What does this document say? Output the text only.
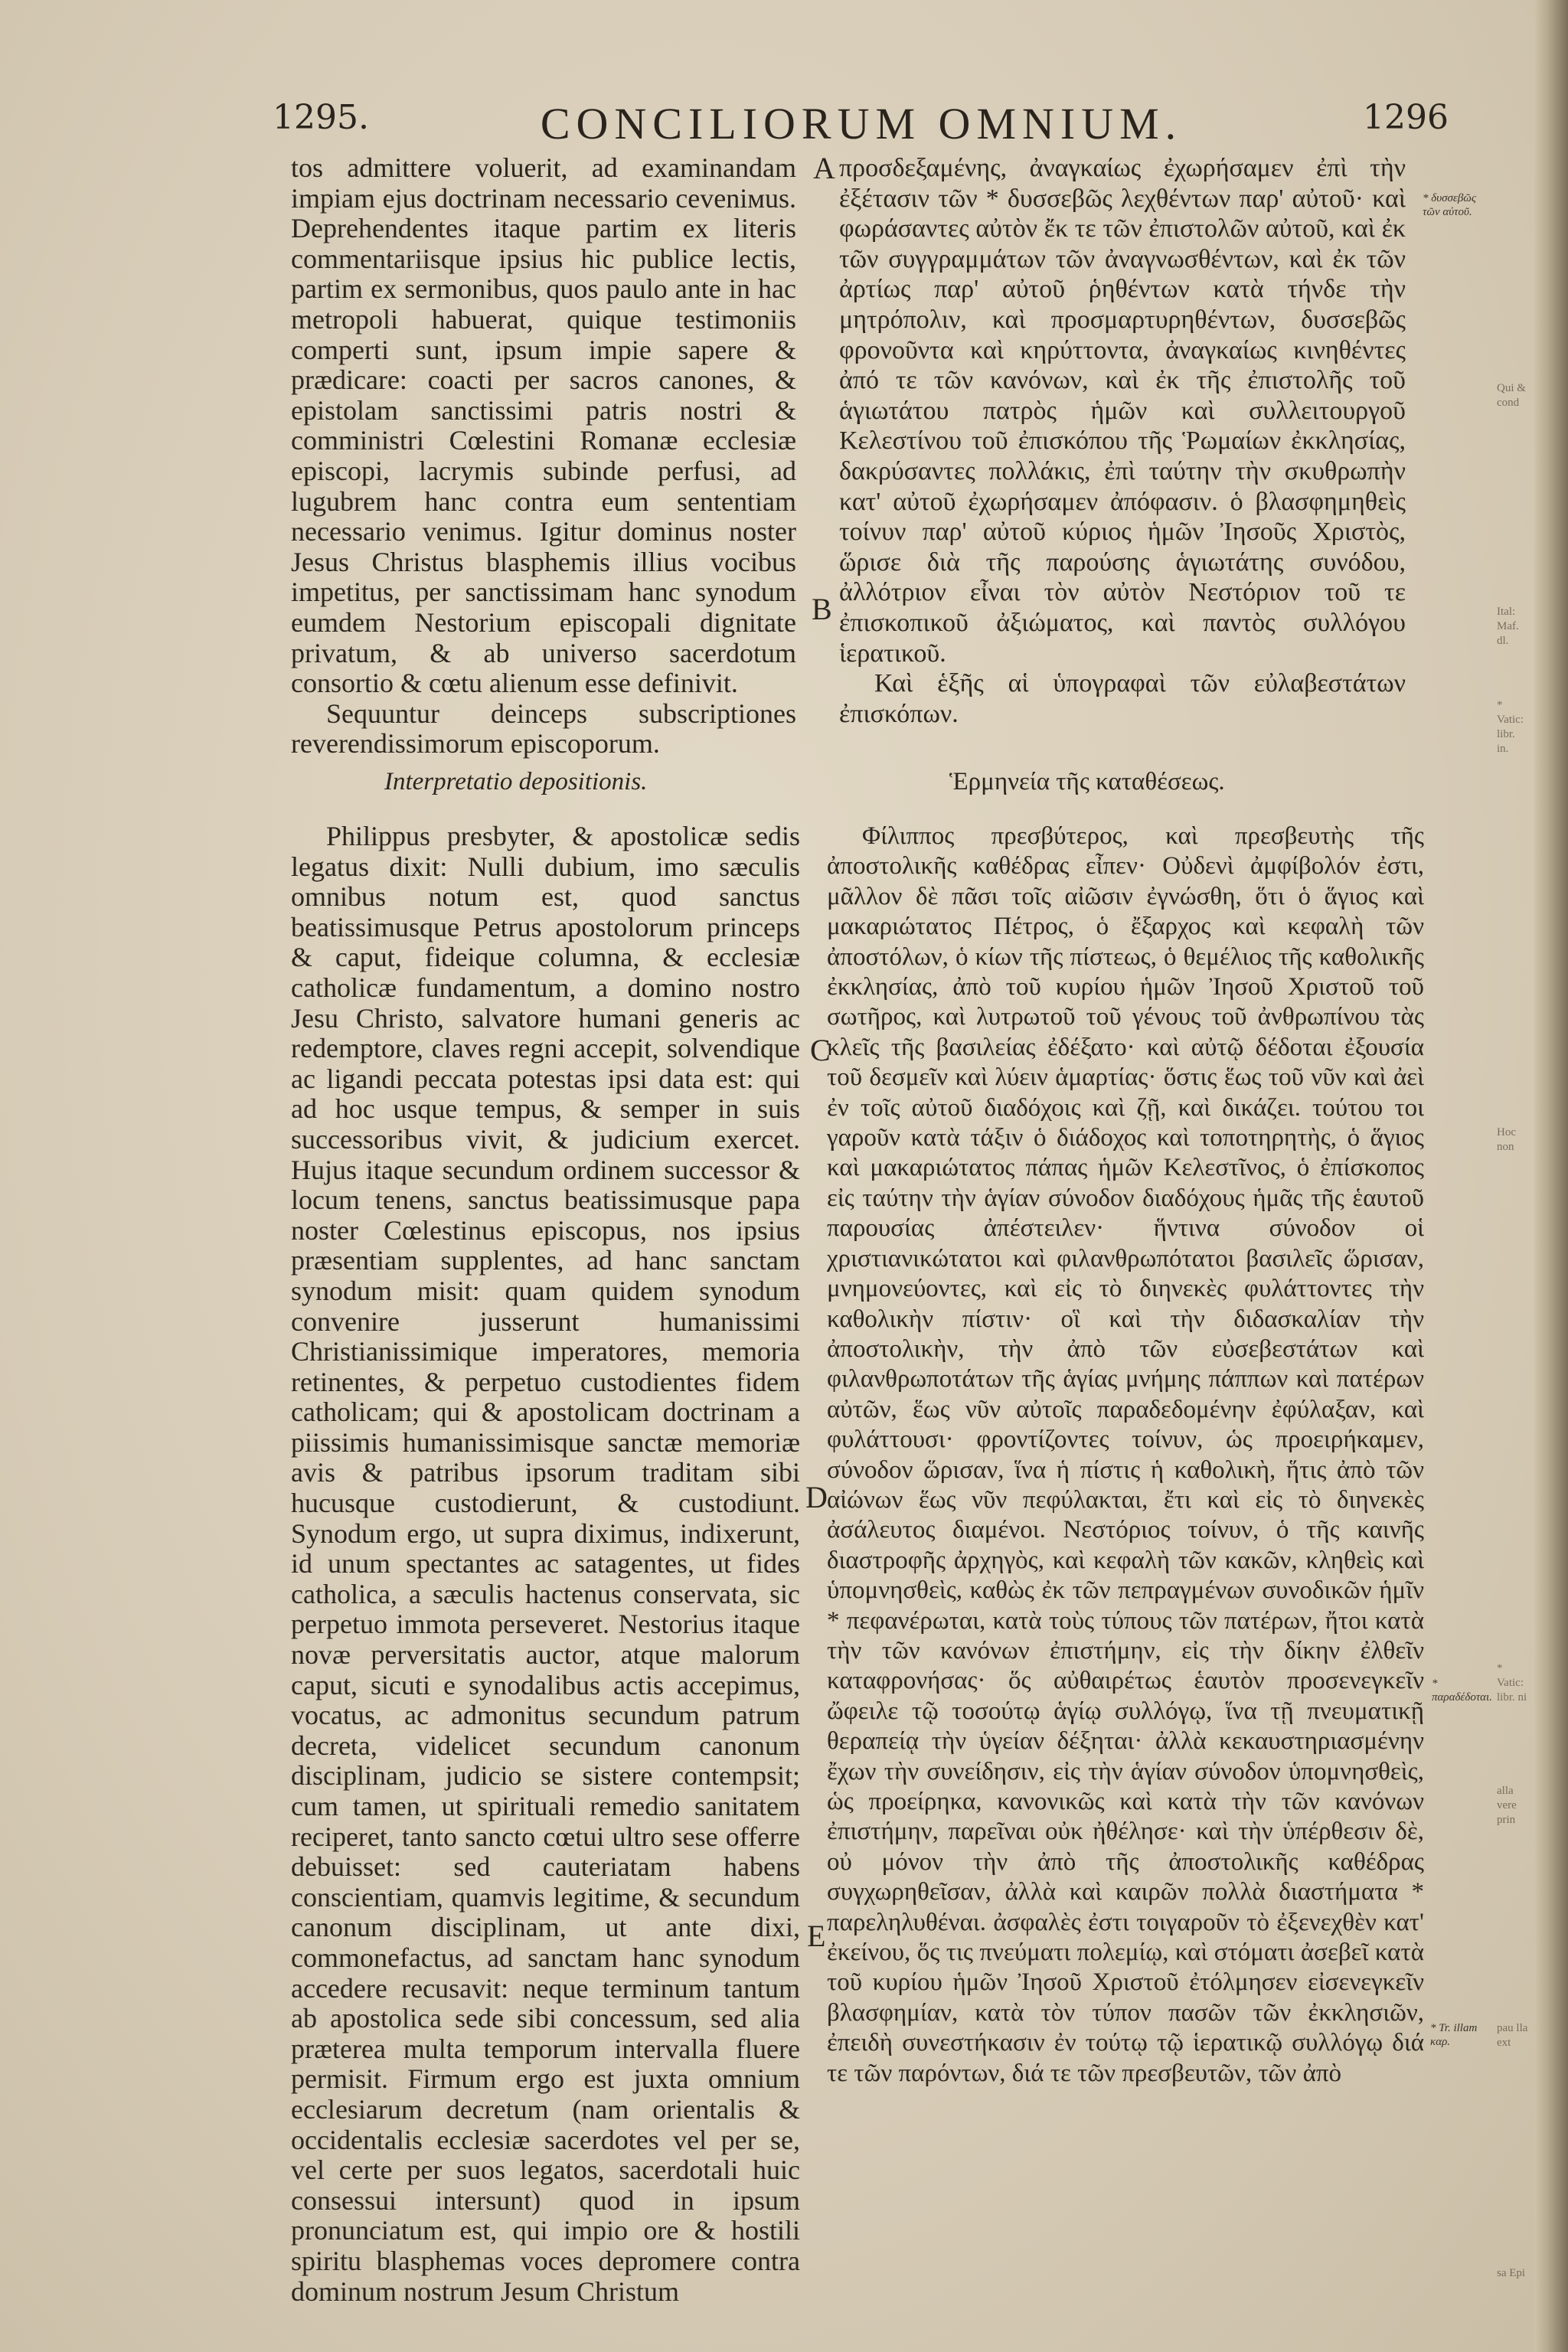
1295.	CONCILIORUM OMNIUM.	1296

tos admittere voluerit, ad examinandam impiam ejus doctrinam necessario ceveniмus. Deprehendentes itaque partim ex literis commentariisque ipsius hic publice lectis, partim ex sermonibus, quos paulo ante in hac metropoli habuerat, quique testimoniis comperti sunt, ipsum impie sapere & prædicare: coacti per sacros canones, & epistolam sanctissimi patris nostri & comministri Cœlestini Romanæ ecclesiæ episcopi, lacrymis subinde perfusi, ad lugubrem hanc contra eum sententiam necessario venimus. Igitur dominus noster Jesus Christus blasphemis illius vocibus impetitus, per sanctissimam hanc synodum eumdem Nestorium episcopali dignitate privatum, & ab universo sacerdotum consortio & cœtu alienum esse definivit.

Sequuntur deinceps subscriptiones reverendissimorum episcoporum.

προσδεξαμένης, ἀναγκαίως ἐχωρήσαμεν ἐπὶ τὴν ἐξέτασιν τῶν * δυσσεβῶς λεχθέντων παρ' αὐτοῦ· καὶ φωράσαντες αὐτὸν ἔκ τε τῶν ἐπιστολῶν αὐτοῦ, καὶ ἐκ τῶν συγγραμμάτων τῶν ἀναγνωσθέντων, καὶ ἐκ τῶν ἀρτίως παρ' αὐτοῦ ῥηθέντων κατὰ τήνδε τὴν μητρόπολιν, καὶ προσμαρτυρηθέντων, δυσσεβῶς φρονοῦντα καὶ κηρύττοντα, ἀναγκαίως κινηθέντες ἀπό τε τῶν κανόνων, καὶ ἐκ τῆς ἐπιστολῆς τοῦ ἁγιωτάτου πατρὸς ἡμῶν καὶ συλλειτουργοῦ Κελεστίνου τοῦ ἐπισκόπου τῆς Ῥωμαίων ἐκκλησίας, δακρύσαντες πολλάκις, ἐπὶ ταύτην τὴν σκυθρωπὴν κατ' αὐτοῦ ἐχωρήσαμεν ἀπόφασιν. ὁ βλασφημηθεὶς τοίνυν παρ' αὐτοῦ κύριος ἡμῶν Ἰησοῦς Χριστὸς, ὥρισε διὰ τῆς παρούσης ἁγιωτάτης συνόδου, ἀλλότριον εἶναι τὸν αὐτὸν Νεστόριον τοῦ τε ἐπισκοπικοῦ ἀξιώματος, καὶ παντὸς συλλόγου ἱερατικοῦ.

Καὶ ἑξῆς αἱ ὑπογραφαὶ τῶν εὐλαβεστάτων ἐπισκόπων.

Interpretatio depositionis.	Ἑρμηνεία τῆς καταθέσεως.

Philippus presbyter, & apostolicæ sedis legatus dixit: Nulli dubium, imo sæculis omnibus notum est, quod sanctus beatissimusque Petrus apostolorum princeps & caput, fideique columna, & ecclesiæ catholicæ fundamentum, a domino nostro Jesu Christo, salvatore humani generis ac redemptore, claves regni accepit, solvendique ac ligandi peccata potestas ipsi data est: qui ad hoc usque tempus, & semper in suis successoribus vivit, & judicium exercet. Hujus itaque secundum ordinem successor & locum tenens, sanctus beatissimusque papa noster Cœlestinus episcopus, nos ipsius præsentiam supplentes, ad hanc sanctam synodum misit: quam quidem synodum convenire jusserunt humanissimi Christianissimique imperatores, memoria retinentes, & perpetuo custodientes fidem catholicam; qui & apostolicam doctrinam a piissimis humanissimisque sanctæ memoriæ avis & patribus ipsorum traditam sibi hucusque custodierunt, & custodiunt. Synodum ergo, ut supra diximus, indixerunt, id unum spectantes ac satagentes, ut fides catholica, a sæculis hactenus conservata, sic perpetuo immota perseveret. Nestorius itaque novæ perversitatis auctor, atque malorum caput, sicuti e synodalibus actis accepimus, vocatus, ac admonitus secundum patrum decreta, videlicet secundum canonum disciplinam, judicio se sistere contempsit; cum tamen, ut spirituali remedio sanitatem reciperet, tanto sancto cœtui ultro sese offerre debuisset: sed cauteriatam habens conscientiam, quamvis legitime, & secundum canonum disciplinam, ut ante dixi, commonefactus, ad sanctam hanc synodum accedere recusavit: neque terminum tantum ab apostolica sede sibi concessum, sed alia præterea multa temporum intervalla fluere permisit. Firmum ergo est juxta omnium ecclesiarum decretum (nam orientalis & occidentalis ecclesiæ sacerdotes vel per se, vel certe per suos legatos, sacerdotali huic consessui intersunt) quod in ipsum pronunciatum est, qui impio ore & hostili spiritu blasphemas voces depromere contra dominum nostrum Jesum Christum

Φίλιππος πρεσβύτερος, καὶ πρεσβευτὴς τῆς ἀποστολικῆς καθέδρας εἶπεν· Οὐδενὶ ἀμφίβολόν ἐστι, μᾶλλον δὲ πᾶσι τοῖς αἰῶσιν ἐγνώσθη, ὅτι ὁ ἅγιος καὶ μακαριώτατος Πέτρος, ὁ ἔξαρχος καὶ κεφαλὴ τῶν ἀποστόλων, ὁ κίων τῆς πίστεως, ὁ θεμέλιος τῆς καθολικῆς ἐκκλησίας, ἀπὸ τοῦ κυρίου ἡμῶν Ἰησοῦ Χριστοῦ τοῦ σωτῆρος, καὶ λυτρωτοῦ τοῦ γένους τοῦ ἀνθρωπίνου τὰς κλεῖς τῆς βασιλείας ἐδέξατο· καὶ αὐτῷ δέδοται ἐξουσία τοῦ δεσμεῖν καὶ λύειν ἁμαρτίας· ὅστις ἕως τοῦ νῦν καὶ ἀεὶ ἐν τοῖς αὐτοῦ διαδόχοις καὶ ζῇ, καὶ δικάζει. τούτου τοι γαροῦν κατὰ τάξιν ὁ διάδοχος καὶ τοποτηρητὴς, ὁ ἅγιος καὶ μακαριώτατος πάπας ἡμῶν Κελεστῖνος, ὁ ἐπίσκοπος εἰς ταύτην τὴν ἁγίαν σύνοδον διαδόχους ἡμᾶς τῆς ἑαυτοῦ παρουσίας ἀπέστειλεν· ἥντινα σύνοδον οἱ χριστιανικώτατοι καὶ φιλανθρωπότατοι βασιλεῖς ὥρισαν, μνημονεύοντες, καὶ εἰς τὸ διηνεκὲς φυλάττοντες τὴν καθολικὴν πίστιν· οἳ καὶ τὴν διδασκαλίαν τὴν ἀποστολικὴν, τὴν ἀπὸ τῶν εὐσεβεστάτων καὶ φιλανθρωποτάτων τῆς ἁγίας μνήμης πάππων καὶ πατέρων αὐτῶν, ἕως νῦν αὐτοῖς παραδεδομένην ἐφύλαξαν, καὶ φυλάττουσι· φροντίζοντες τοίνυν, ὡς προειρήκαμεν, σύνοδον ὥρισαν, ἵνα ἡ πίστις ἡ καθολικὴ, ἥτις ἀπὸ τῶν αἰώνων ἕως νῦν πεφύλακται, ἔτι καὶ εἰς τὸ διηνεκὲς ἀσάλευτος διαμένοι. Νεστόριος τοίνυν, ὁ τῆς καινῆς διαστροφῆς ἀρχηγὸς, καὶ κεφαλὴ τῶν κακῶν, κληθεὶς καὶ ὑπομνησθεὶς, καθὼς ἐκ τῶν πεπραγμένων συνοδικῶν ἡμῖν * πεφανέρωται, κατὰ τοὺς τύπους τῶν πατέρων, ἤτοι κατὰ τὴν τῶν κανόνων ἐπιστήμην, εἰς τὴν δίκην ἐλθεῖν καταφρονήσας· ὅς αὐθαιρέτως ἑαυτὸν προσενεγκεῖν ὤφειλε τῷ τοσούτῳ ἁγίῳ συλλόγῳ, ἵνα τῇ πνευματικῇ θεραπείᾳ τὴν ὑγείαν δέξηται· ἀλλὰ κεκαυστηριασμένην ἔχων τὴν συνείδησιν, εἰς τὴν ἁγίαν σύνοδον ὑπομνησθεὶς, ὡς προείρηκα, κανονικῶς καὶ κατὰ τὴν τῶν κανόνων ἐπιστήμην, παρεῖναι οὐκ ἠθέλησε· καὶ τὴν ὑπέρθεσιν δὲ, οὐ μόνον τὴν ἀπὸ τῆς ἀποστολικῆς καθέδρας συγχωρηθεῖσαν, ἀλλὰ καὶ καιρῶν πολλὰ διαστήματα * παρεληλυθέναι. ἀσφαλὲς ἐστι τοιγαροῦν τὸ ἐξενεχθὲν κατ' ἐκείνου, ὅς τις πνεύματι πολεμίῳ, καὶ στόματι ἀσεβεῖ κατὰ τοῦ κυρίου ἡμῶν Ἰησοῦ Χριστοῦ ἐτόλμησεν εἰσενεγκεῖν βλασφημίαν, κατὰ τὸν τύπον πασῶν τῶν ἐκκλησιῶν, ἐπειδὴ συνεστήκασιν ἐν τούτῳ τῷ ἱερατικῷ συλλόγῳ διά τε τῶν παρόντων, διά τε τῶν πρεσβευτῶν, τῶν ἀπὸ

A
B
C
D
E
* δυσσεβῶς τῶν αὐτοῦ.
* παραδέδοται.
* Tr. illam καρ.
Qui & cond
Ital: Maf. dl.
* Vatic: libr. in.
Hoc non
* Vatic: libr. ni
alla vere prin
pau lla ext
sa Epi
